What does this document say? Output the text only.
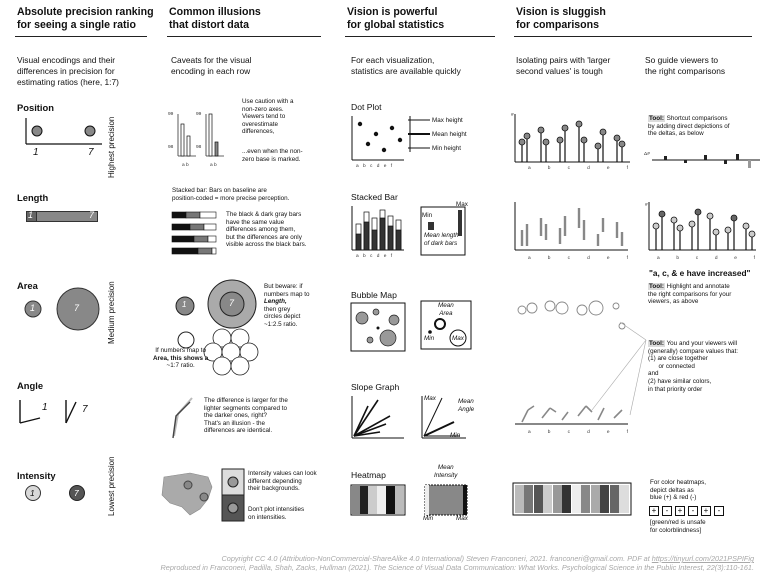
Absolute precision ranking
for seeing a single ratio
Common illusions
that distort data
Vision is powerful
for global statistics
Vision is sluggish
for comparisons
Visual encodings and their
differences in precision for
estimating ratios (here, 1:7)
Caveats for the visual
encoding in each row
For each visualization,
statistics are available quickly
Isolating pairs with 'larger
second values' is tough
So guide viewers to
the right comparisons
Position
Length
Area
Angle
Intensity
Highest precision
Medium precision
Lowest precision
1	7
1	7
1	7
1	7
1	7
99
98
99
98
a b	a b
Use caution with a
non-zero axes.
Viewers tend to
overestimate
differences,
...even when the non-
zero base is marked.
Stacked bar: Bars on baseline are
position-coded = more precise perception.
The black & dark gray bars
have the same value
differences among them,
but the differences are only
visible across the black bars.
1	7
But beware: if
numbers map to
Length,
then grey
circles depict
~1:2.5 ratio.
If numbers map to
Area, this shows a
~1:7 ratio.
The difference is larger for the
lighter segments compared to
the darker ones, right?
That's an illusion - the
differences are identical.
Intensity values can look
different depending
their backgrounds.
Don't plot intensities
on intensities.
Dot Plot
a b c d e f
Max height
Mean height
Min height
Stacked Bar
a b c d e f
Min
Max
Mean length
of dark bars
Bubble Map
Mean
Area
Min	Max
Slope Graph
Max	Mean
Angle
Min
Heatmap
Mean
Intensity
Min	Max
#
a	b	c	d	e	f
Tool: Shortcut comparisons
by adding direct depictions of
the deltas, as below
Δ#
a	b	c	d	e	f
#
a	b	c	d	e	f
"a, c, & e have increased"
Tool: Highlight and annotate
the right comparisons for your
viewers, as above
Tool: You and your viewers will
(generally) compare values that:
(1) are close together
or connected
and
(2) have similar colors,
in that priority order
a	b	c	d	e	f
For color heatmaps,
depict deltas as
blue (+) & red (-)
+	-	+	-	+	-
[green/red is unsafe
for colorblindness]
Copyright CC 4.0 (Attribution-NonCommercial-ShareAlike 4.0 International) Steven Franconeri, 2021. franconeri@gmail.com. PDF at https://tinyurl.com/2021PSPIFig
Reproduced in Franconeri, Padilla, Shah, Zacks, Hullman (2021). The Science of Visual Data Communication: What Works. Psychological Science in the Public Interest, 22(3):110-161.
